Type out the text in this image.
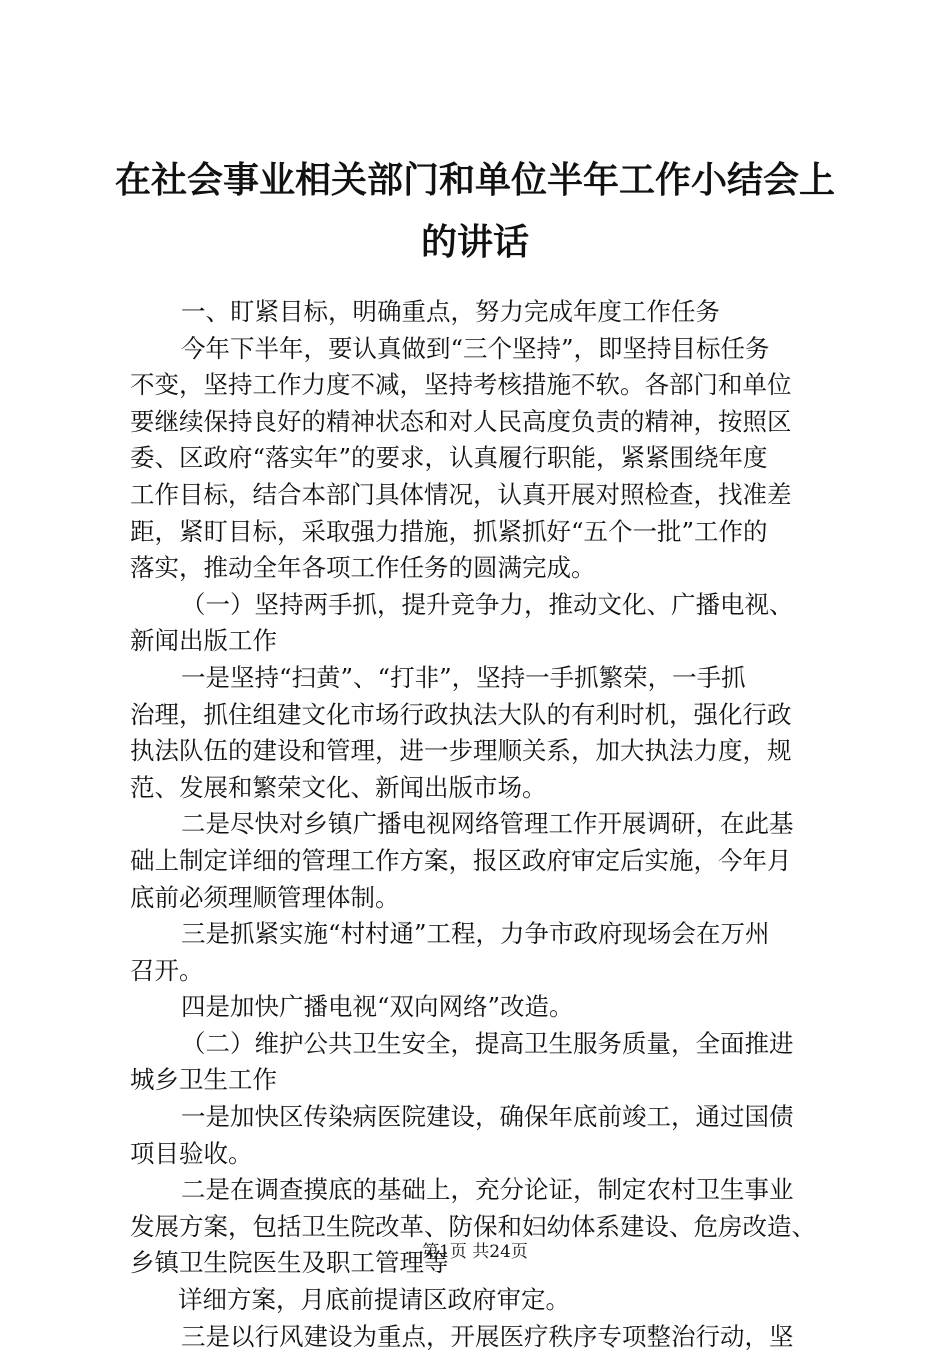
在社会事业相关部门和单位半年工作小结会上
的讲话
一、盯紧目标，明确重点，努力完成年度工作任务
今年下半年，要认真做到“三个坚持”，即坚持目标任务
不变，坚持工作力度不减，坚持考核措施不软。各部门和单位
要继续保持良好的精神状态和对人民高度负责的精神，按照区
委、区政府“落实年”的要求，认真履行职能，紧紧围绕年度
工作目标，结合本部门具体情况，认真开展对照检查，找准差
距，紧盯目标，采取强力措施，抓紧抓好“五个一批”工作的
落实，推动全年各项工作任务的圆满完成。
（一）坚持两手抓，提升竞争力，推动文化、广播电视、
新闻出版工作
一是坚持“扫黄”、“打非”，坚持一手抓繁荣，一手抓
治理，抓住组建文化市场行政执法大队的有利时机，强化行政
执法队伍的建设和管理，进一步理顺关系，加大执法力度，规
范、发展和繁荣文化、新闻出版市场。
二是尽快对乡镇广播电视网络管理工作开展调研，在此基
础上制定详细的管理工作方案，报区政府审定后实施，今年月
底前必须理顺管理体制。
三是抓紧实施“村村通”工程，力争市政府现场会在万州
召开。
四是加快广播电视“双向网络”改造。
（二）维护公共卫生安全，提高卫生服务质量，全面推进
城乡卫生工作
一是加快区传染病医院建设，确保年底前竣工，通过国债
项目验收。
二是在调查摸底的基础上，充分论证，制定农村卫生事业
发展方案，包括卫生院改革、防保和妇幼体系建设、危房改造、
乡镇卫生院医生及职工管理等
详细方案，月底前提请区政府审定。
三是以行风建设为重点，开展医疗秩序专项整治行动，坚
第1页 共24页
